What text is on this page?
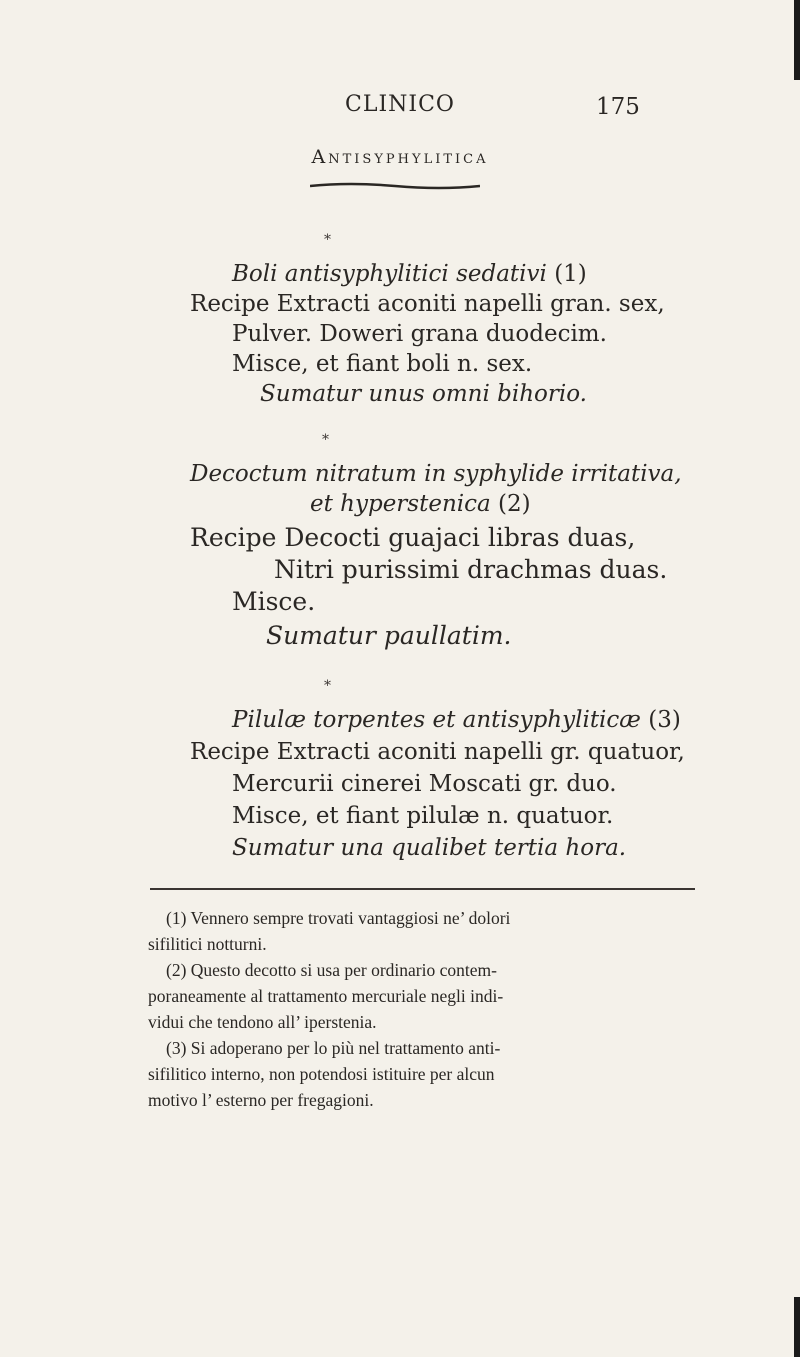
CLINICO	175
Antisyphylitica
*
Boli antisyphylitici sedativi (1)
Recipe Extracti aconiti napelli gran. sex,
Pulver. Doweri grana duodecim.
Misce, et fiant boli n. sex.
Sumatur unus omni bihorio.
*
Decoctum nitratum in syphylide irritativa,
et hyperstenica (2)
Recipe Decocti guajaci libras duas,
Nitri purissimi drachmas duas.
Misce.
Sumatur paullatim.
*
Pilulæ torpentes et antisyphyliticæ (3)
Recipe Extracti aconiti napelli gr. quatuor,
Mercurii cinerei Moscati gr. duo.
Misce, et fiant pilulæ n. quatuor.
Sumatur una qualibet tertia hora.
(1) Vennero sempre trovati vantaggiosi ne’ dolori
sifilitici notturni.
(2) Questo decotto si usa per ordinario contem-
poraneamente al trattamento mercuriale negli indi-
vidui che tendono all’ iperstenia.
(3) Si adoperano per lo più nel trattamento anti-
sifilitico interno, non potendosi istituire per alcun
motivo l’ esterno per fregagioni.
